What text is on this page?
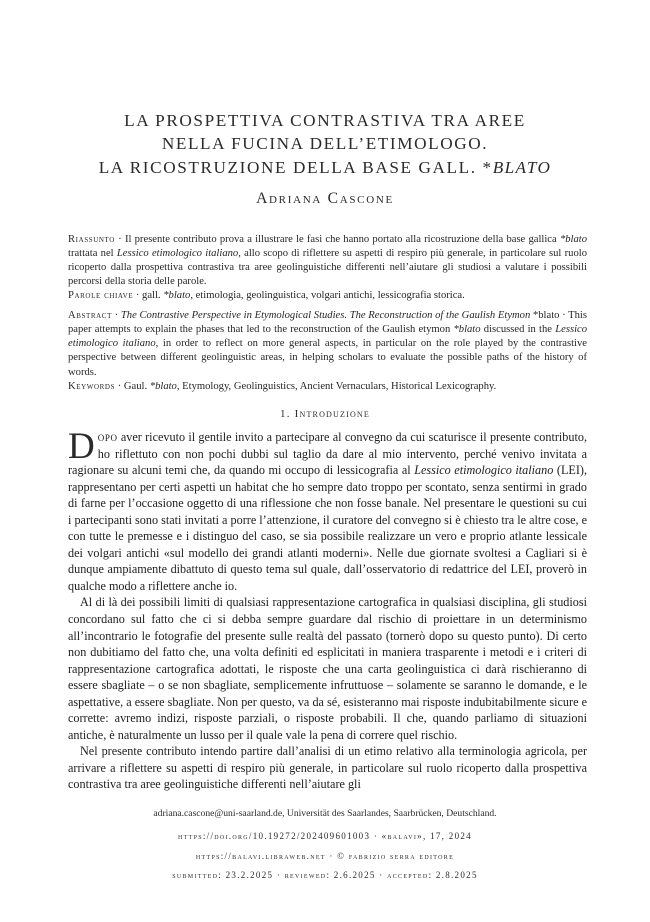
LA PROSPETTIVA CONTRASTIVA TRA AREE
NELLA FUCINA DELL’ETIMOLOGO.
LA RICOSTRUZIONE DELLA BASE GALL. *BLATO
Adriana Cascone

Riassunto · Il presente contributo prova a illustrare le fasi che hanno portato alla ricostruzione della base gallica *blato trattata nel Lessico etimologico italiano, allo scopo di riflettere su aspetti di respiro più generale, in particolare sul ruolo ricoperto dalla prospettiva contrastiva tra aree geolinguistiche differenti nell’aiutare gli studiosi a valutare i possibili percorsi della storia delle parole.

Parole chiave · gall. *blato, etimologia, geolinguistica, volgari antichi, lessicografia storica.

Abstract · The Contrastive Perspective in Etymological Studies. The Reconstruction of the Gaulish Etymon *blato · This paper attempts to explain the phases that led to the reconstruction of the Gaulish etymon *blato discussed in the Lessico etimologico italiano, in order to reflect on more general aspects, in particular on the role played by the contrastive perspective between different geolinguistic areas, in helping scholars to evaluate the possible paths of the history of words.

Keywords · Gaul. *blato, Etymology, Geolinguistics, Ancient Vernaculars, Historical Lexicography.

1. Introduzione

Dopo aver ricevuto il gentile invito a partecipare al convegno da cui scaturisce il presente contributo, ho riflettuto con non pochi dubbi sul taglio da dare al mio intervento, perché venivo invitata a ragionare su alcuni temi che, da quando mi occupo di lessicografia al Lessico etimologico italiano (LEI), rappresentano per certi aspetti un habitat che ho sempre dato troppo per scontato, senza sentirmi in grado di farne per l’occasione oggetto di una riflessione che non fosse banale. Nel presentare le questioni su cui i partecipanti sono stati invitati a porre l’attenzione, il curatore del convegno si è chiesto tra le altre cose, e con tutte le premesse e i distinguo del caso, se sia possibile realizzare un vero e proprio atlante lessicale dei volgari antichi «sul modello dei grandi atlanti moderni». Nelle due giornate svoltesi a Cagliari si è dunque ampiamente dibattuto di questo tema sul quale, dall’osservatorio di redattrice del LEI, proverò in qualche modo a riflettere anche io.

Al di là dei possibili limiti di qualsiasi rappresentazione cartografica in qualsiasi disciplina, gli studiosi concordano sul fatto che ci si debba sempre guardare dal rischio di proiettare in un determinismo all’incontrario le fotografie del presente sulle realtà del passato (tornerò dopo su questo punto). Di certo non dubitiamo del fatto che, una volta definiti ed esplicitati in maniera trasparente i metodi e i criteri di rappresentazione cartografica adottati, le risposte che una carta geolinguistica ci darà rischieranno di essere sbagliate – o se non sbagliate, semplicemente infruttuose – solamente se saranno le domande, e le aspettative, a essere sbagliate. Non per questo, va da sé, esisteranno mai risposte indubitabilmente sicure e corrette: avremo indizi, risposte parziali, o risposte probabili. Il che, quando parliamo di situazioni antiche, è naturalmente un lusso per il quale vale la pena di correre quel rischio.

Nel presente contributo intendo partire dall’analisi di un etimo relativo alla terminologia agricola, per arrivare a riflettere su aspetti di respiro più generale, in particolare sul ruolo ricoperto dalla prospettiva contrastiva tra aree geolinguistiche differenti nell’aiutare gli

adriana.cascone@uni-saarland.de, Universität des Saarlandes, Saarbrücken, Deutschland.
https://doi.org/10.19272/202409601003 · «balavi», 17, 2024
https://balavi.libraweb.net · © fabrizio serra editore
submitted: 23.2.2025 · reviewed: 2.6.2025 · accepted: 2.8.2025
